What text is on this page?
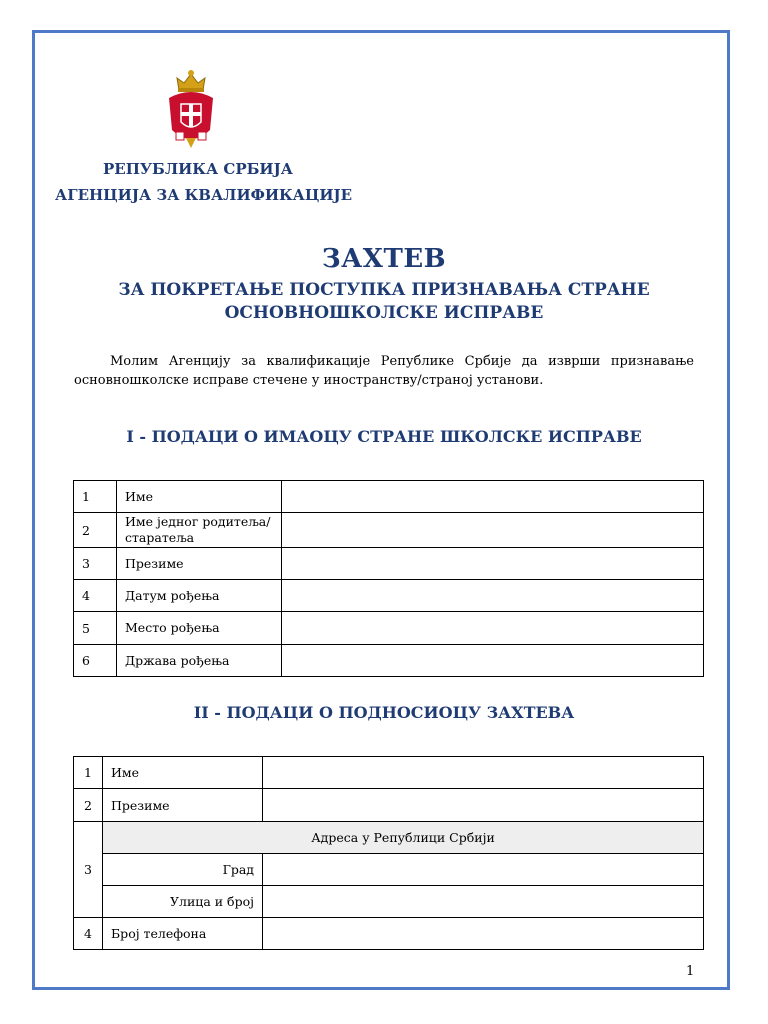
РЕПУБЛИКА СРБИЈА
АГЕНЦИЈА ЗА КВАЛИФИКАЦИЈЕ
ЗАХТЕВ
ЗА ПОКРЕТАЊЕ ПОСТУПКА ПРИЗНАВАЊА СТРАНЕ
ОСНОВНОШКОЛСКЕ ИСПРАВЕ
Молим Агенцију за квалификације Републике Србије да изврши признавање
основношколске исправе стечене у иностранству/страној установи.
I - ПОДАЦИ О ИМАОЦУ СТРАНЕ ШКОЛСКЕ ИСПРАВЕ
1	Име	
2	Име једног родитеља/старатеља	
3	Презиме	
4	Датум рођења	
5	Место рођења	
6	Држава рођења	
II - ПОДАЦИ О ПОДНОСИОЦУ ЗАХТЕВА
1	Име	
2	Презиме	
3	Адреса у Републици Србији	
	Град	
	Улица и број	
4	Број телефона	
1
